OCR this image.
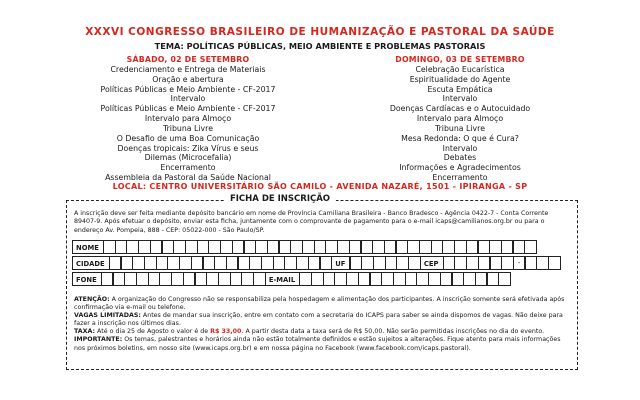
XXXVI CONGRESSO BRASILEIRO DE HUMANIZAÇÃO E PASTORAL DA SAÚDE
TEMA: POLÍTICAS PÚBLICAS, MEIO AMBIENTE E PROBLEMAS PASTORAIS
SÁBADO, 02 DE SETEMBRO
Credenciamento e Entrega de Materiais
Oração e abertura
Políticas Públicas e Meio Ambiente - CF-2017
Intervalo
Políticas Públicas e Meio Ambiente - CF-2017
Intervalo para Almoço
Tribuna Livre
O Desafio de uma Boa Comunicação
Doenças tropicais: Zika Vírus e seus
Dilemas (Microcefalia)
Encerramento
Assembleia da Pastoral da Saúde Nacional
DOMINGO, 03 DE SETEMBRO
Celebração Eucarística
Espiritualidade do Agente
Escuta Empática
Intervalo
Doenças Cardíacas e o Autocuidado
Intervalo para Almoço
Tribuna Livre
Mesa Redonda: O que é Cura?
Intervalo
Debates
Informações e Agradecimentos
Encerramento
LOCAL: CENTRO UNIVERSITÁRIO SÃO CAMILO - AVENIDA NAZARÉ, 1501 - IPIRANGA - SP
FICHA DE INSCRIÇÃO
A inscrição deve ser feita mediante depósito bancário em nome de Província Camiliana Brasileira - Banco Bradesco - Agência 0422-7 - Conta Corrente 89407-9. Após efetuar o depósito, enviar esta ficha, juntamente com o comprovante de pagamento para o e-mail icaps@camilianos.org.br ou para o endereço Av. Pompeia, 888 - CEP: 05022-000 - São Paulo/SP.
NOME
CIDADE	UF	CEP	-
FONE	E-MAIL
ATENÇÃO: A organização do Congresso não se responsabiliza pela hospedagem e alimentação dos participantes. A inscrição somente será efetivada após confirmação via e-mail ou telefone.
VAGAS LIMITADAS: Antes de mandar sua inscrição, entre em contato com a secretaria do ICAPS para saber se ainda dispomos de vagas. Não deixe para fazer a inscrição nos últimos dias.
TAXA: Até o dia 25 de Agosto o valor é de R$ 33,00. A partir desta data a taxa será de R$ 50,00. Não serão permitidas inscrições no dia do evento.
IMPORTANTE: Os temas, palestrantes e horários ainda não estão totalmente definidos e estão sujeitos a alterações. Fique atento para mais informações nos próximos boletins, em nosso site (www.icaps.org.br) e em nossa página no Facebook (www.facebook.com/icaps.pastoral).
